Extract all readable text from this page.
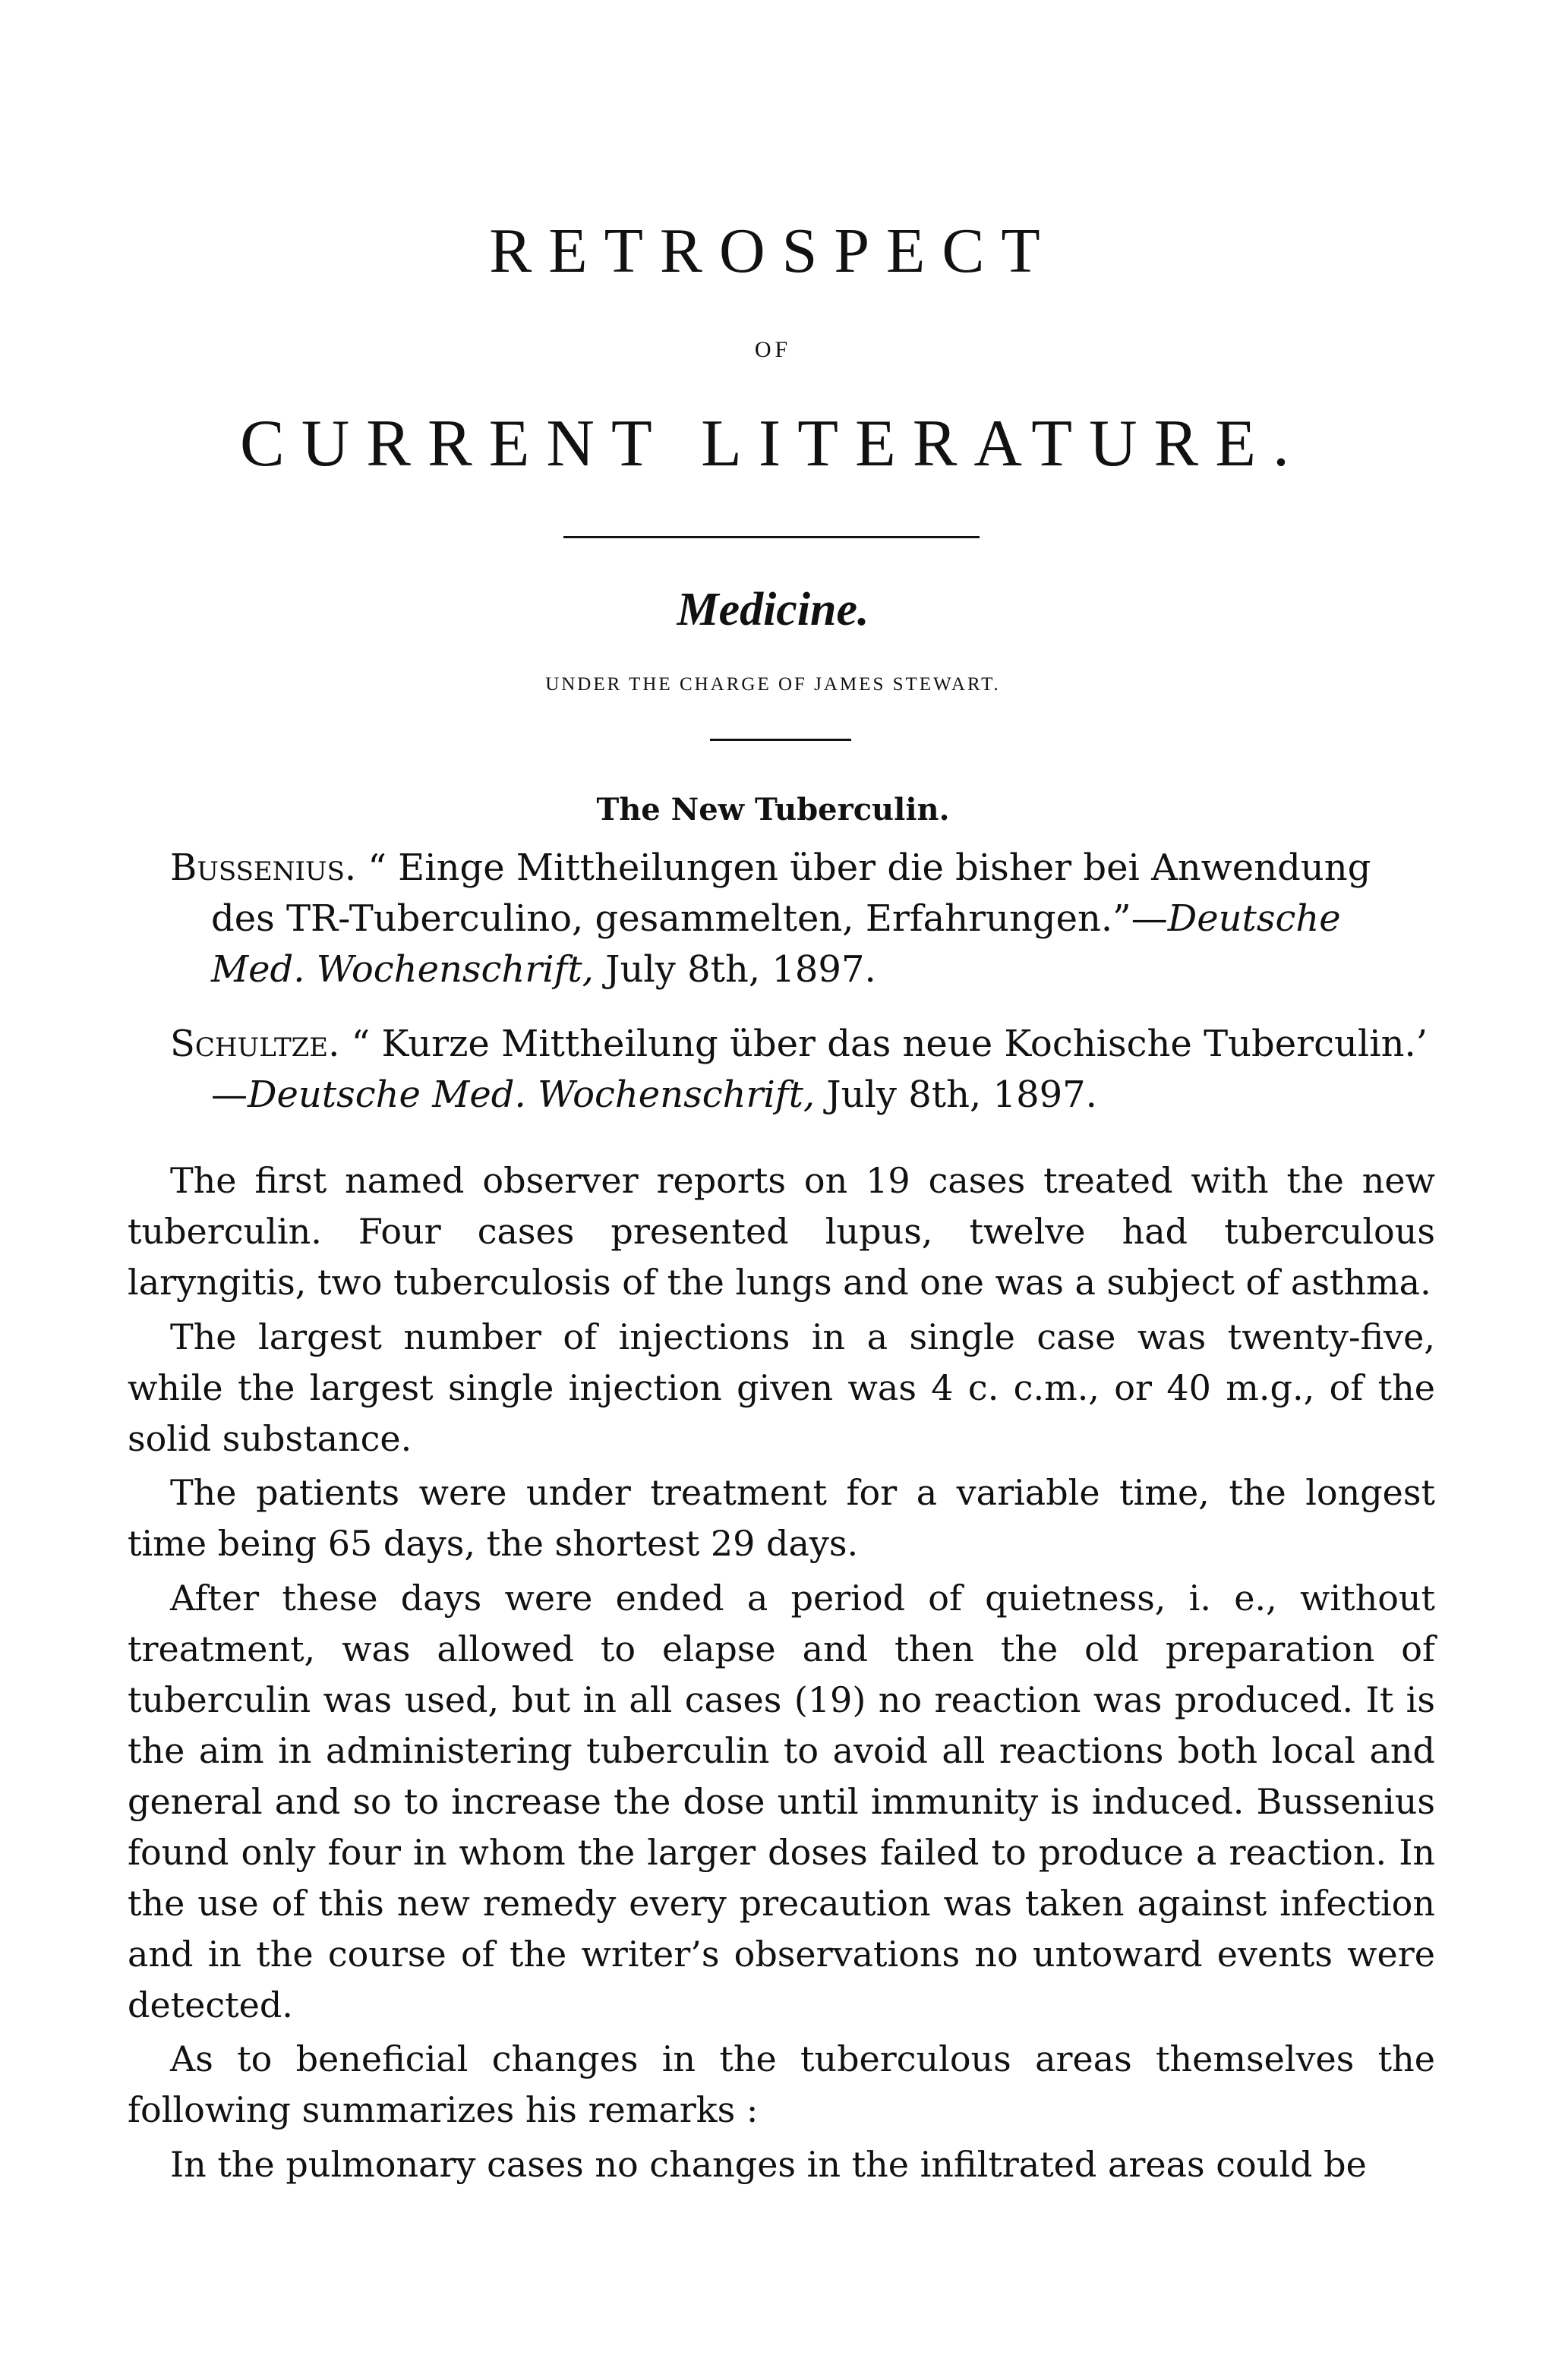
RETROSPECT
OF
CURRENT LITERATURE.
Medicine.
UNDER THE CHARGE OF JAMES STEWART.
The New Tuberculin.
Bussenius. “ Einge Mittheilungen über die bisher bei Anwendung des TR-Tuberculino, gesammelten, Erfahrungen.”—Deutsche Med. Wochenschrift, July 8th, 1897.
Schultze. “ Kurze Mittheilung über das neue Kochische Tuberculin.’ —Deutsche Med. Wochenschrift, July 8th, 1897.

The first named observer reports on 19 cases treated with the new tuberculin. Four cases presented lupus, twelve had tuberculous laryngitis, two tuberculosis of the lungs and one was a subject of asthma.

The largest number of injections in a single case was twenty-five, while the largest single injection given was 4 c. c.m., or 40 m.g., of the solid substance.

The patients were under treatment for a variable time, the longest time being 65 days, the shortest 29 days.

After these days were ended a period of quietness, i. e., without treatment, was allowed to elapse and then the old preparation of tuberculin was used, but in all cases (19) no reaction was produced. It is the aim in administering tuberculin to avoid all reactions both local and general and so to increase the dose until immunity is induced. Bussenius found only four in whom the larger doses failed to produce a reaction. In the use of this new remedy every precaution was taken against infection and in the course of the writer’s observations no untoward events were detected.

As to beneficial changes in the tuberculous areas themselves the following summarizes his remarks :

In the pulmonary cases no changes in the infiltrated areas could be
